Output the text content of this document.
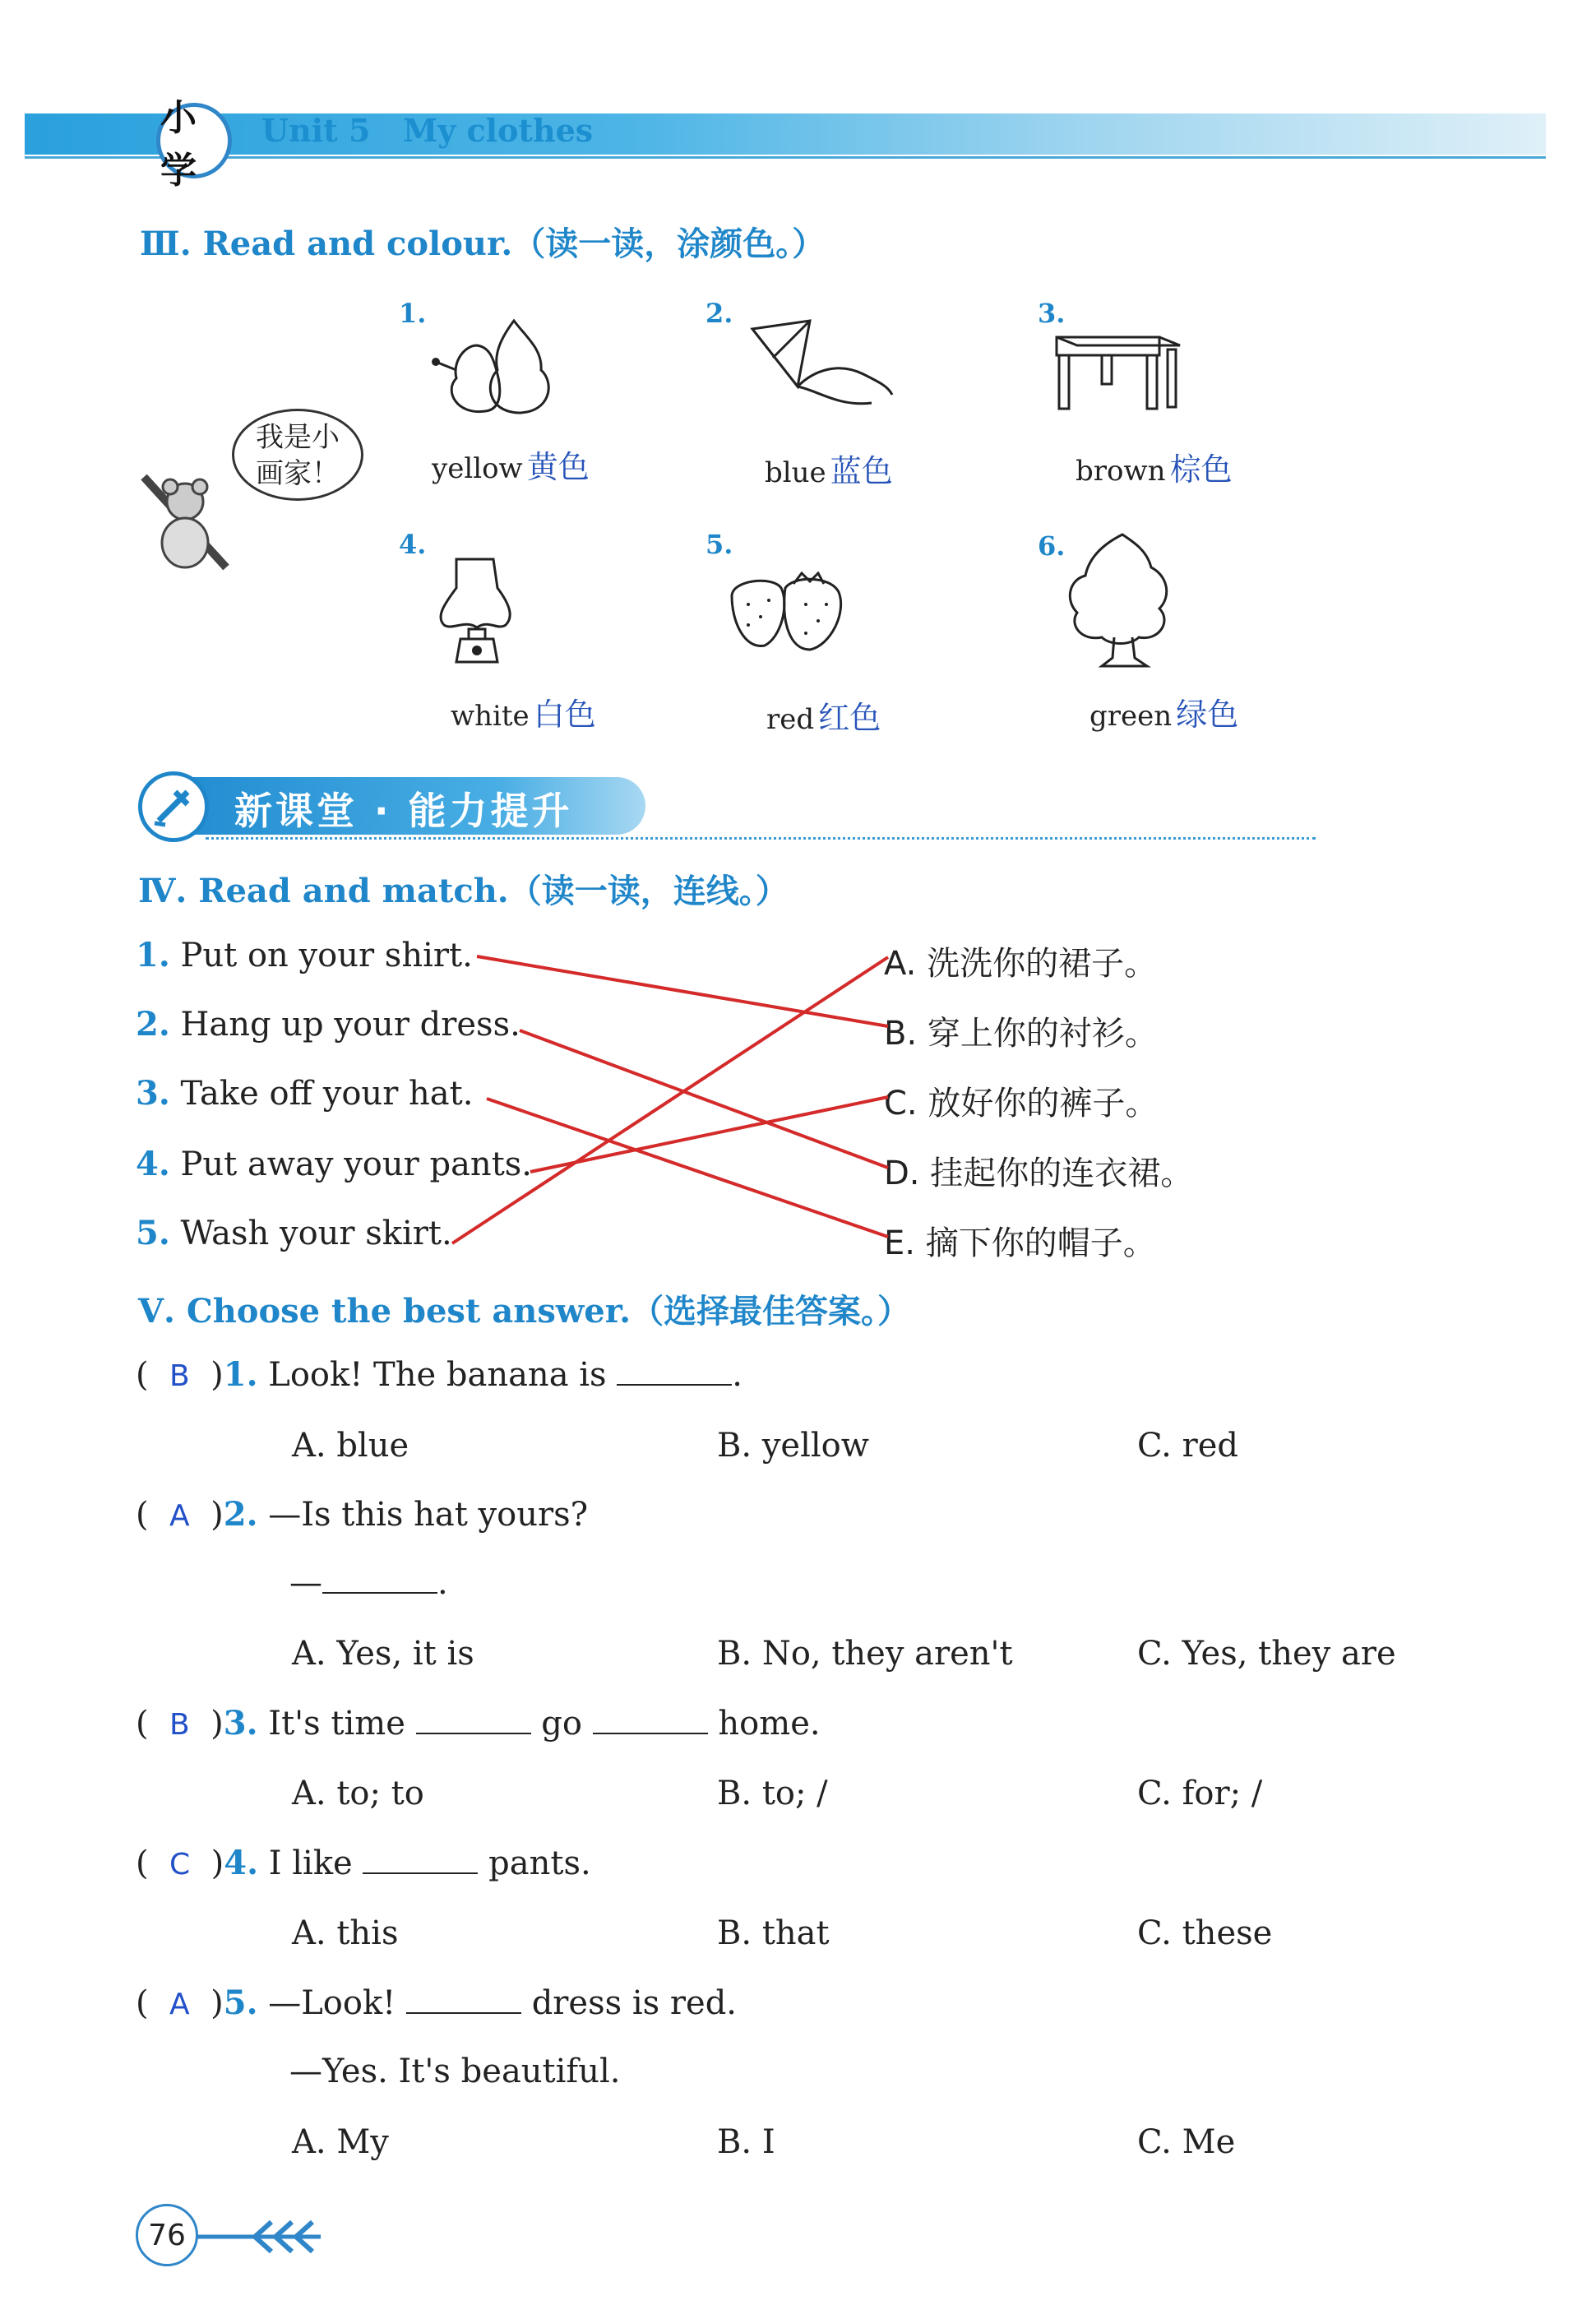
小学
Unit 5 My clothes
Ⅲ. Read and colour.（读一读，涂颜色。）
我是小
画家！
1.
yellow 黄色
2.
blue 蓝色
3.
brown 棕色
4.
white 白色
5.
red 红色
6.
green 绿色
新课堂 · 能力提升
Ⅳ. Read and match.（读一读，连线。）
1. Put on your shirt.
2. Hang up your dress.
3. Take off your hat.
4. Put away your pants.
5. Wash your skirt.
A. 洗洗你的裙子。
B. 穿上你的衬衫。
C. 放好你的裤子。
D. 挂起你的连衣裙。
E. 摘下你的帽子。
Ⅴ. Choose the best answer.（选择最佳答案。）
(  B  )1. Look! The banana is	.
A. blue	B. yellow	C. red
(  A  )2. —Is this hat yours?
—	.
A. Yes, it is	B. No, they aren't	C. Yes, they are
(  B  )3. It's time	go	home.
A. to; to	B. to; /	C. for; /
(  C  )4. I like	pants.
A. this	B. that	C. these
(  A  )5. —Look!	dress is red.
—Yes. It's beautiful.
A. My	B. I	C. Me
76
